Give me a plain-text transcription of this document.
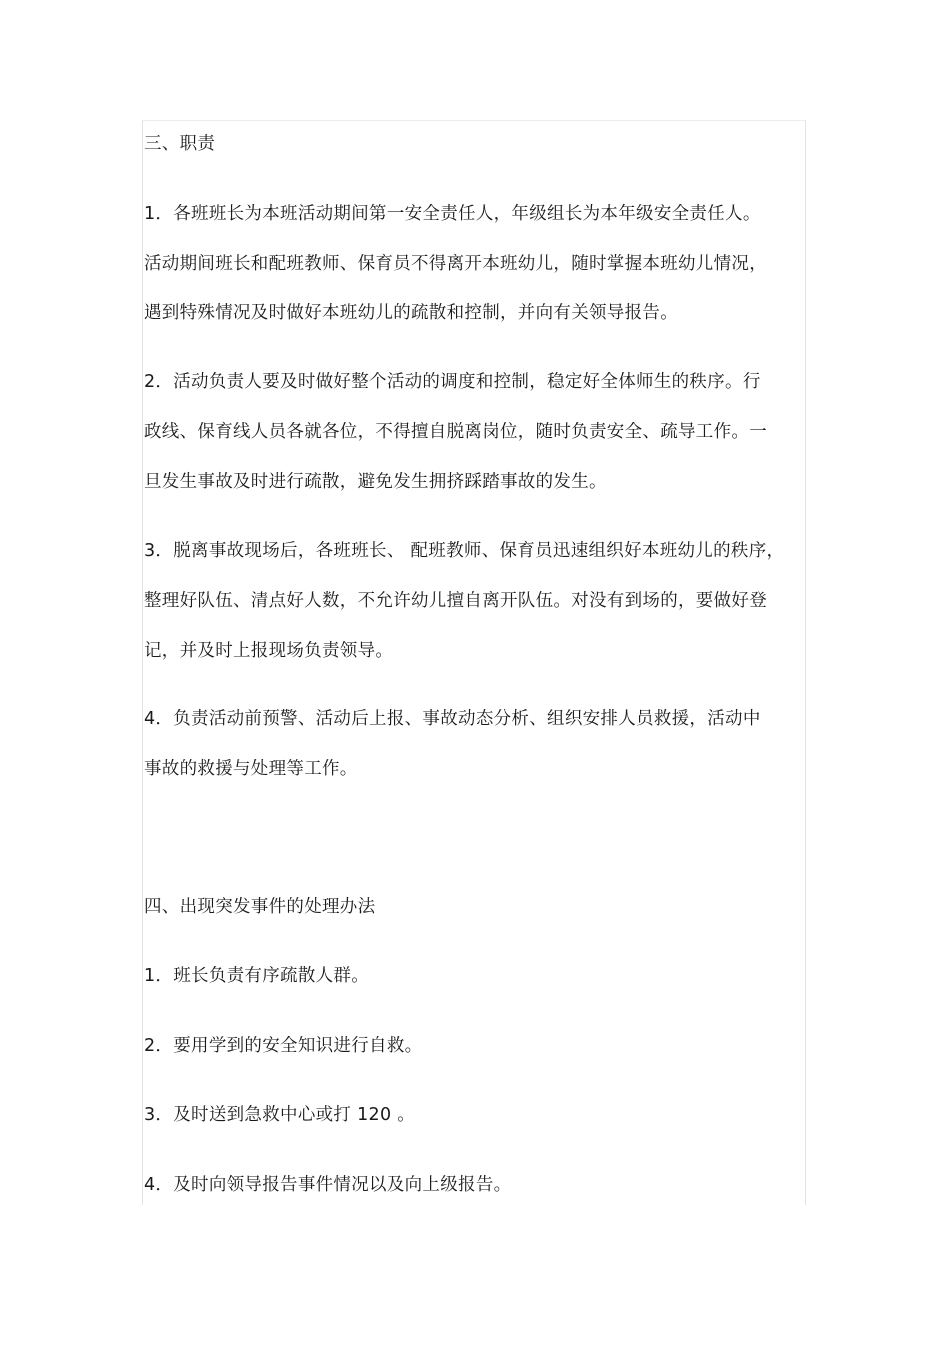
三、职责
1．各班班长为本班活动期间第一安全责任人，年级组长为本年级安全责任人。
活动期间班长和配班教师、保育员不得离开本班幼儿，随时掌握本班幼儿情况，
遇到特殊情况及时做好本班幼儿的疏散和控制，并向有关领导报告。
2．活动负责人要及时做好整个活动的调度和控制，稳定好全体师生的秩序。行
政线、保育线人员各就各位，不得擅自脱离岗位，随时负责安全、疏导工作。一
旦发生事故及时进行疏散，避免发生拥挤踩踏事故的发生。
3．脱离事故现场后，各班班长、 配班教师、保育员迅速组织好本班幼儿的秩序，
整理好队伍、清点好人数，不允许幼儿擅自离开队伍。对没有到场的，要做好登
记，并及时上报现场负责领导。
4．负责活动前预警、活动后上报、事故动态分析、组织安排人员救援，活动中
事故的救援与处理等工作。
四、出现突发事件的处理办法
1．班长负责有序疏散人群。
2．要用学到的安全知识进行自救。
3．及时送到急救中心或打 120 。
4．及时向领导报告事件情况以及向上级报告。
